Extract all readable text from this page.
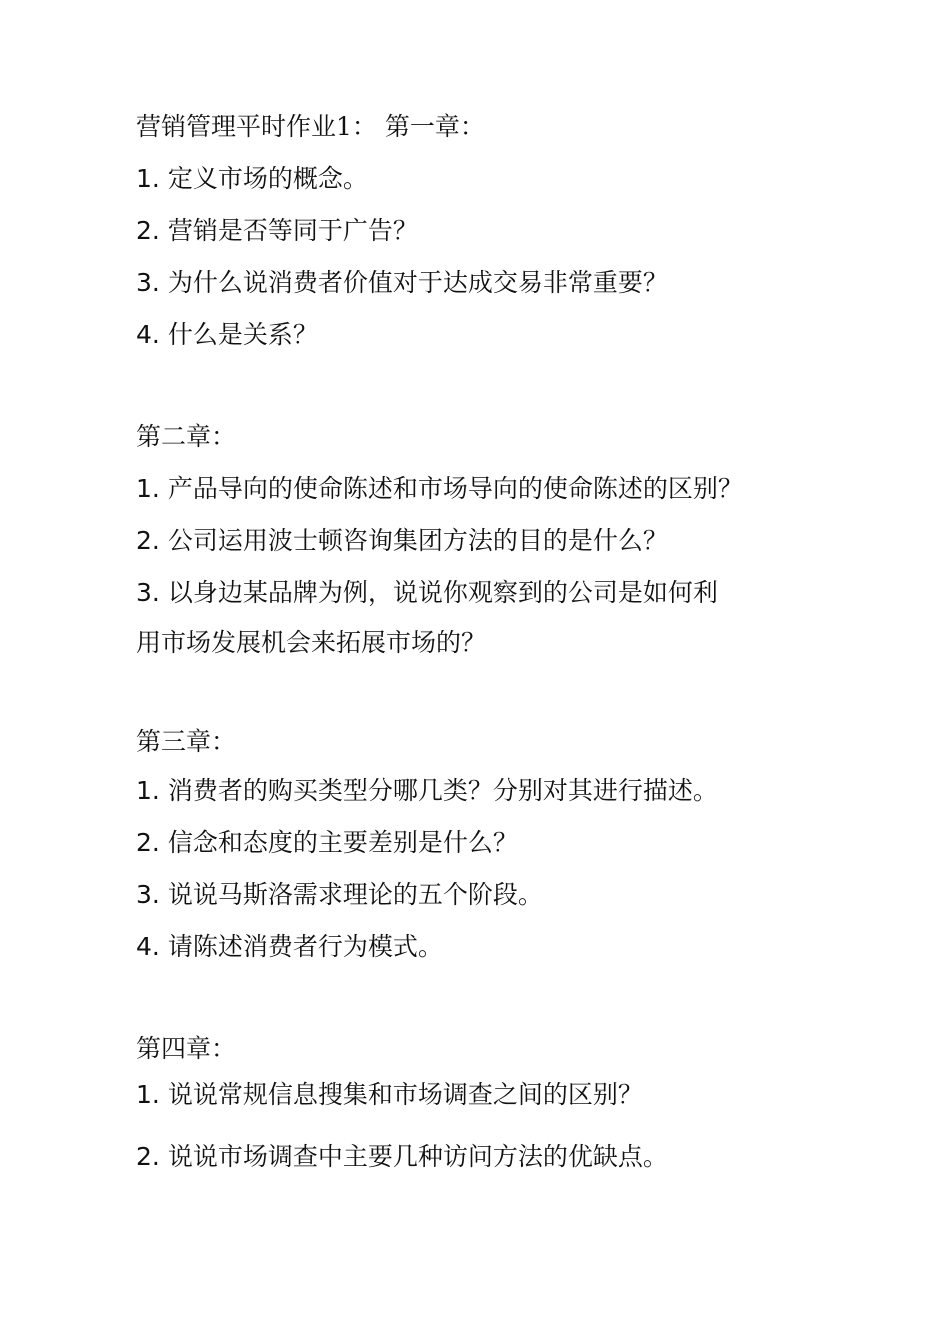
营销管理平时作业1： 第一章：
1. 定义市场的概念。
2. 营销是否等同于广告？
3. 为什么说消费者价值对于达成交易非常重要？
4. 什么是关系？
第二章：
1. 产品导向的使命陈述和市场导向的使命陈述的区别？
2. 公司运用波士顿咨询集团方法的目的是什么？
3. 以身边某品牌为例，说说你观察到的公司是如何利
用市场发展机会来拓展市场的？
第三章：
1. 消费者的购买类型分哪几类？分别对其进行描述。
2. 信念和态度的主要差别是什么？
3. 说说马斯洛需求理论的五个阶段。
4. 请陈述消费者行为模式。
第四章：
1. 说说常规信息搜集和市场调查之间的区别？
2. 说说市场调查中主要几种访问方法的优缺点。
